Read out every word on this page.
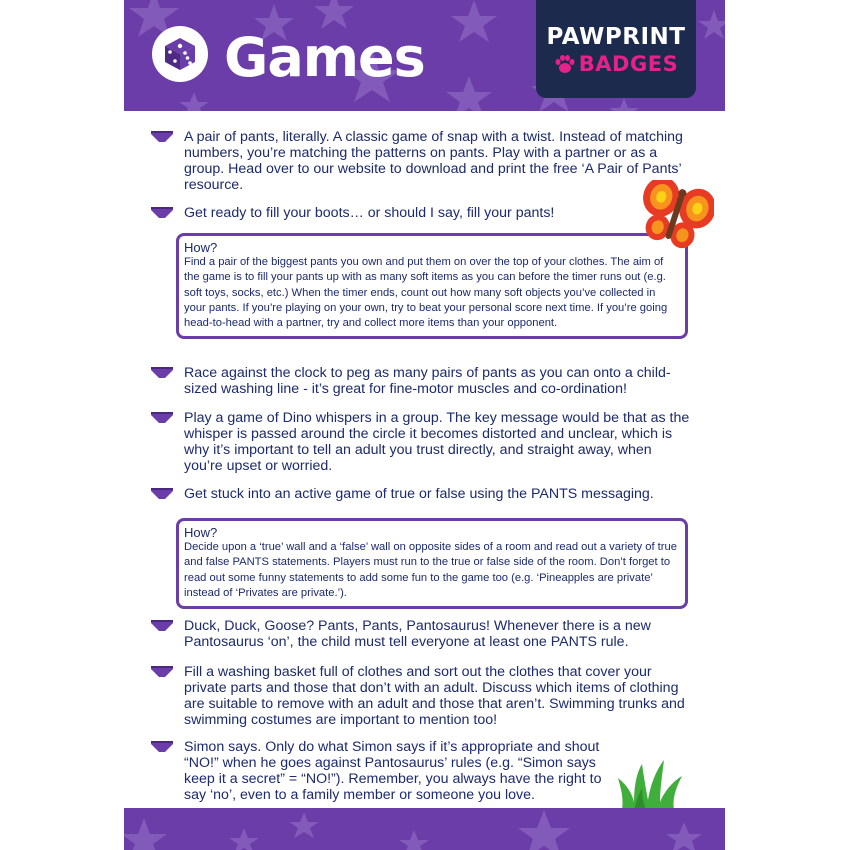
Games	PAWPRINT
BADGES
A pair of pants, literally. A classic game of snap with a twist. Instead of matching numbers, you’re matching the patterns on pants. Play with a partner or as a group. Head over to our website to download and print the free ‘A Pair of Pants’ resource.
Get ready to fill your boots… or should I say, fill your pants!
How?
Find a pair of the biggest pants you own and put them on over the top of your clothes. The aim of the game is to fill your pants up with as many soft items as you can before the timer runs out (e.g. soft toys, socks, etc.) When the timer ends, count out how many soft objects you’ve collected in your pants. If you’re playing on your own, try to beat your personal score next time. If you’re going head-to-head with a partner, try and collect more items than your opponent.
Race against the clock to peg as many pairs of pants as you can onto a child-sized washing line - it’s great for fine-motor muscles and co-ordination!
Play a game of Dino whispers in a group. The key message would be that as the whisper is passed around the circle it becomes distorted and unclear, which is why it’s important to tell an adult you trust directly, and straight away, when you’re upset or worried.
Get stuck into an active game of true or false using the PANTS messaging.
How?
Decide upon a ‘true’ wall and a ‘false’ wall on opposite sides of a room and read out a variety of true and false PANTS statements. Players must run to the true or false side of the room. Don’t forget to read out some funny statements to add some fun to the game too (e.g. ‘Pineapples are private’ instead of ‘Privates are private.’).
Duck, Duck, Goose? Pants, Pants, Pantosaurus! Whenever there is a new Pantosaurus ‘on’, the child must tell everyone at least one PANTS rule.
Fill a washing basket full of clothes and sort out the clothes that cover your private parts and those that don’t with an adult. Discuss which items of clothing are suitable to remove with an adult and those that aren’t. Swimming trunks and swimming costumes are important to mention too!
Simon says. Only do what Simon says if it’s appropriate and shout “NO!” when he goes against Pantosaurus’ rules (e.g. “Simon says keep it a secret” = “NO!”). Remember, you always have the right to say ‘no’, even to a family member or someone you love.
